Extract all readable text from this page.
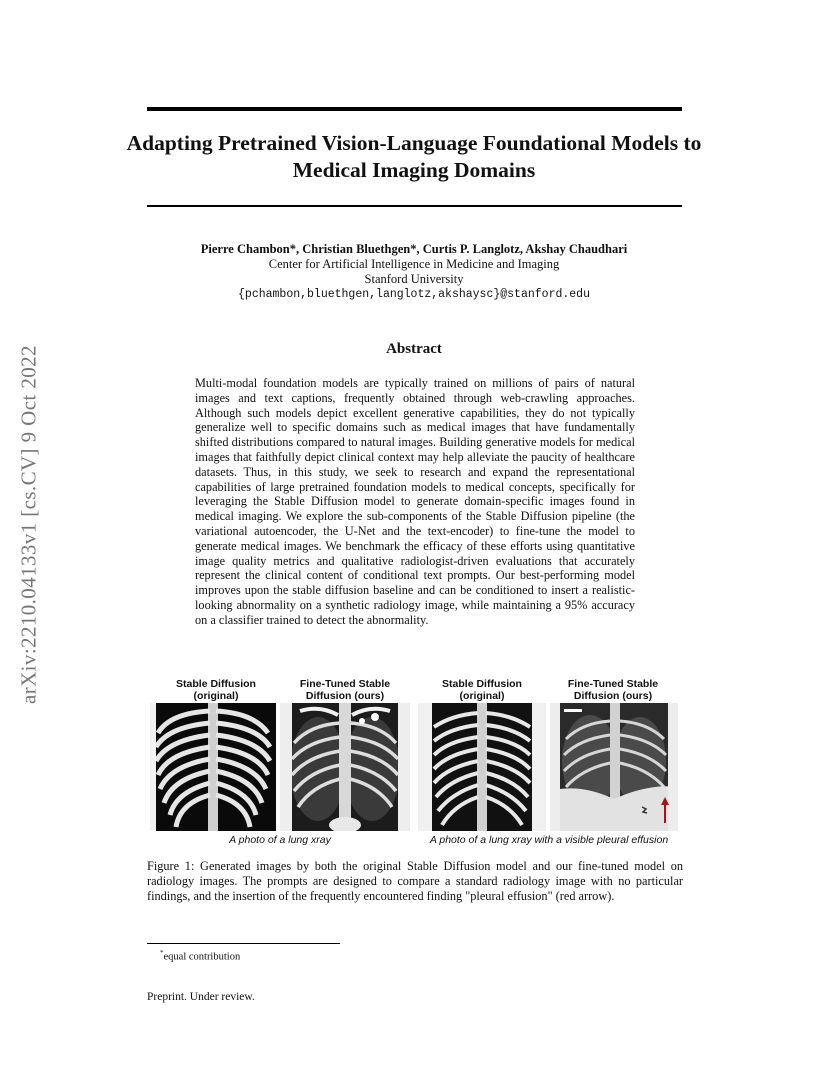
arXiv:2210.04133v1 [cs.CV] 9 Oct 2022
Adapting Pretrained Vision-Language Foundational Models to Medical Imaging Domains
Pierre Chambon*, Christian Bluethgen*, Curtis P. Langlotz, Akshay Chaudhari
Center for Artificial Intelligence in Medicine and Imaging
Stanford University
{pchambon,bluethgen,langlotz,akshaysc}@stanford.edu
Abstract
Multi-modal foundation models are typically trained on millions of pairs of natural images and text captions, frequently obtained through web-crawling approaches. Although such models depict excellent generative capabilities, they do not typically generalize well to specific domains such as medical images that have fundamentally shifted distributions compared to natural images. Building generative models for medical images that faithfully depict clinical context may help alleviate the paucity of healthcare datasets. Thus, in this study, we seek to research and expand the representational capabilities of large pretrained foundation models to medical concepts, specifically for leveraging the Stable Diffusion model to generate domain-specific images found in medical imaging. We explore the sub-components of the Stable Diffusion pipeline (the variational autoencoder, the U-Net and the text-encoder) to fine-tune the model to generate medical images. We benchmark the efficacy of these efforts using quantitative image quality metrics and qualitative radiologist-driven evaluations that accurately represent the clinical content of conditional text prompts. Our best-performing model improves upon the stable diffusion baseline and can be conditioned to insert a realistic-looking abnormality on a synthetic radiology image, while maintaining a 95% accuracy on a classifier trained to detect the abnormality.
Stable Diffusion (original)
Fine-Tuned Stable Diffusion (ours)
Stable Diffusion (original)
Fine-Tuned Stable Diffusion (ours)
A photo of a lung xray	A photo of a lung xray with a visible pleural effusion
Figure 1: Generated images by both the original Stable Diffusion model and our fine-tuned model on radiology images. The prompts are designed to compare a standard radiology image with no particular findings, and the insertion of the frequently encountered finding "pleural effusion" (red arrow).
*equal contribution
Preprint. Under review.
